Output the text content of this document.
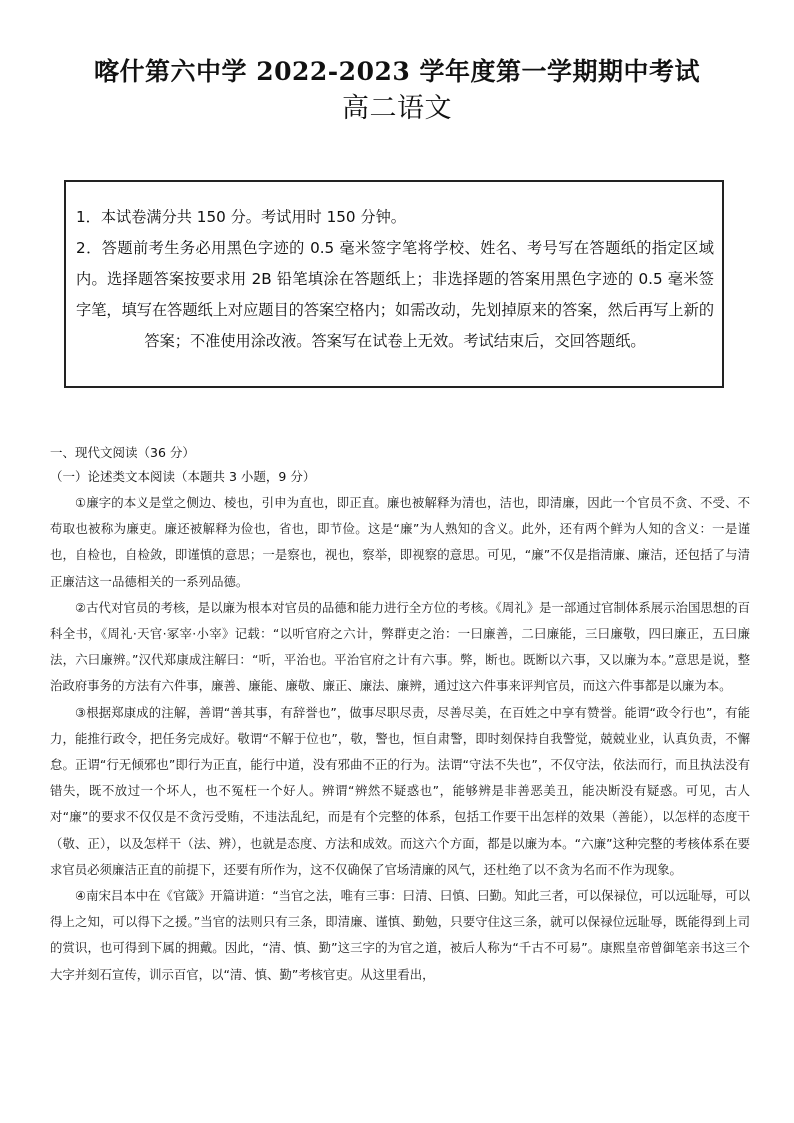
喀什第六中学 2022-2023 学年度第一学期期中考试
高二语文

1．本试卷满分共 150 分。考试用时 150 分钟。

2．答题前考生务必用黑色字迹的 0.5 毫米签字笔将学校、姓名、考号写在答题纸的指定区域内。选择题答案按要求用 2B 铅笔填涂在答题纸上；非选择题的答案用黑色字迹的 0.5 毫米签字笔，填写在答题纸上对应题目的答案空格内；如需改动，先划掉原来的答案，然后再写上新的答案；不准使用涂改液。答案写在试卷上无效。考试结束后，交回答题纸。

一、现代文阅读（36 分）
（一）论述类文本阅读（本题共 3 小题，9 分）

①廉字的本义是堂之侧边、棱也，引申为直也，即正直。廉也被解释为清也，洁也，即清廉，因此一个官员不贪、不受、不苟取也被称为廉吏。廉还被解释为俭也，省也，即节俭。这是“廉”为人熟知的含义。此外，还有两个鲜为人知的含义：一是谨也，自检也，自检敛，即谨慎的意思；一是察也，视也，察举，即视察的意思。可见，“廉”不仅是指清廉、廉洁，还包括了与清正廉洁这一品德相关的一系列品德。

②古代对官员的考核，是以廉为根本对官员的品德和能力进行全方位的考核。《周礼》是一部通过官制体系展示治国思想的百科全书，《周礼·天官·冢宰·小宰》记载：“以听官府之六计，弊群吏之治：一曰廉善，二曰廉能，三曰廉敬，四曰廉正，五曰廉法，六曰廉辨。”汉代郑康成注解曰：“听，平治也。平治官府之计有六事。弊，断也。既断以六事，又以廉为本。”意思是说，整治政府事务的方法有六件事，廉善、廉能、廉敬、廉正、廉法、廉辨，通过这六件事来评判官员，而这六件事都是以廉为本。

③根据郑康成的注解，善谓“善其事，有辞誉也”，做事尽职尽责，尽善尽美，在百姓之中享有赞誉。能谓“政令行也”，有能力，能推行政令，把任务完成好。敬谓“不解于位也”，敬，警也，恒自肃警，即时刻保持自我警觉，兢兢业业，认真负责，不懈怠。正谓“行无倾邪也”即行为正直，能行中道，没有邪曲不正的行为。法谓“守法不失也”，不仅守法，依法而行，而且执法没有错失，既不放过一个坏人，也不冤枉一个好人。辨谓“辨然不疑惑也”，能够辨是非善恶美丑，能决断没有疑惑。可见，古人对“廉”的要求不仅仅是不贪污受贿，不违法乱纪，而是有个完整的体系，包括工作要干出怎样的效果（善能），以怎样的态度干（敬、正），以及怎样干（法、辨），也就是态度、方法和成效。而这六个方面，都是以廉为本。“六廉”这种完整的考核体系在要求官员必须廉洁正直的前提下，还要有所作为，这不仅确保了官场清廉的风气，还杜绝了以不贪为名而不作为现象。

④南宋吕本中在《官箴》开篇讲道：“当官之法，唯有三事：曰清、曰慎、曰勤。知此三者，可以保禄位，可以远耻辱，可以得上之知，可以得下之援。”当官的法则只有三条，即清廉、谨慎、勤勉，只要守住这三条，就可以保禄位远耻辱，既能得到上司的赏识，也可得到下属的拥戴。因此，“清、慎、勤”这三字的为官之道，被后人称为“千古不可易”。康熙皇帝曾御笔亲书这三个大字并刻石宣传，训示百官，以“清、慎、勤”考核官吏。从这里看出，
